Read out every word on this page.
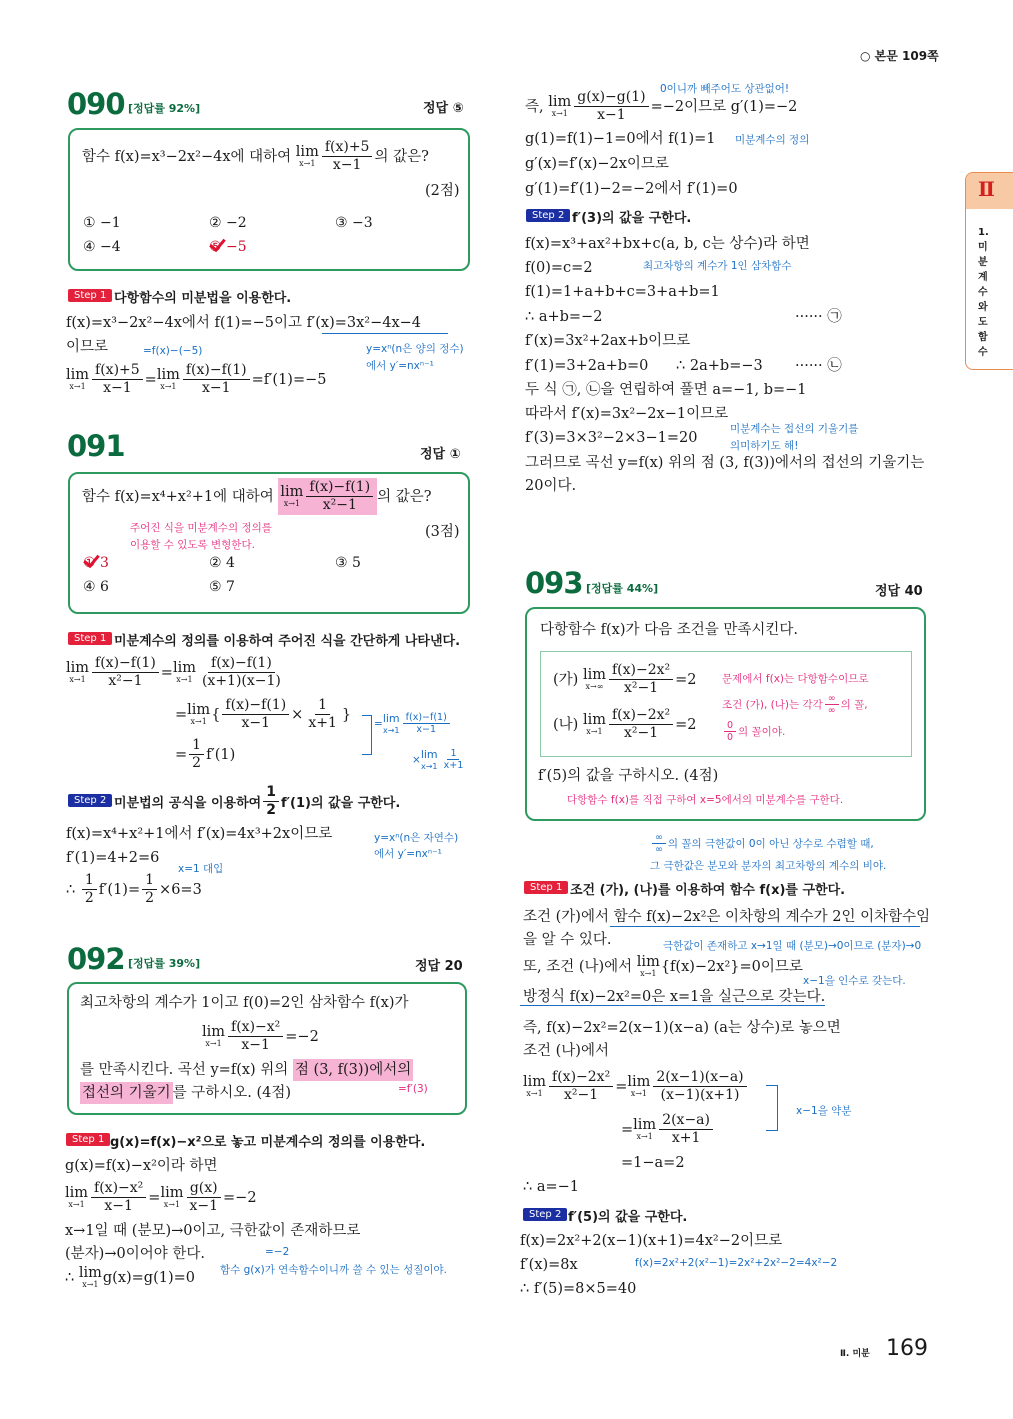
○ 본문 109쪽
Ⅱ
1.미분계수와도함수
Ⅱ. 미분 169
090 [정답률 92%]	정답 ⑤
함수 f(x)=x³−2x²−4x에 대하여 lim
$x\to 1 \frac{f(x)+5}{x-1}$ 의 값은?
(2점)
① −1	② −2	③ −3
④ −4	⑤ −5
Step 1 다항함수의 미분법을 이용한다.
f(x)=x³−2x²−4x에서 f(1)=−5이고 f′(x)=3x²−4x−4
이므로
lim
$x\to 1 \frac{f(x)+5}{x-1} = \lim$
$x\to 1 \frac{f(x)-f(1)}{x-1} =f'(1)=-5$
=f(x)−(−5)	y=xⁿ(n은 양의 정수)
에서 y′=nxⁿ⁻¹
091	정답 ①
함수 f(x)=x⁴+x²+1에 대하여 lim
$x\to 1 \frac{f(x)-f(1)}{\text{x²−1}}$ 의 값은?
(3점)
주어진 식을 미분계수의 정의를
이용할 수 있도록 변형한다.
① 3	② 4	③ 5
④ 6	⑤ 7
Step 1 미분계수의 정의를 이용하여 주어진 식을 간단하게 나타낸다.
lim
$x\to 1 \frac{f(x)-f(1)}{\text{x²−1}} = \lim$
$x\to 1 \frac{f(x)-f(1)}{(x+1)(x-1)}$
= lim
x→1 { $\frac{f(x)-f(1)}{x-1} \times \frac{1}{x+1}$ }
= $\frac{1}{2} f'(1)$
= lim
$x\to 1 \frac{f(x)-f(1)}{x-1}$
× lim
$x\to 1 \frac{1}{x+1}$
Step 2 미분법의 공식을 이용하여 $\frac{1}{2} f'(1)$의 값을 구한다.
f(x)=x⁴+x²+1에서 f′(x)=4x³+2x이므로
f′(1)=4+2=6
∴ $\frac{1}{2} f'(1)= \frac{1}{2} \times 6=3$
y=xⁿ(n은 자연수)
에서 y′=nxⁿ⁻¹
x=1 대입
092 [정답률 39%]	정답 20
최고차항의 계수가 1이고 f(0)=2인 삼차함수 f(x)가
lim
$x\to 1 \frac{\text{f(x)−x²}}{x-1} =-2$
를 만족시킨다. 곡선 y=f(x) 위의 점 (3, f(3))에서의
접선의 기울기 를 구하시오. (4점)	=f′(3)
Step 1 g(x)=f(x)−x²으로 놓고 미분계수의 정의를 이용한다.
g(x)=f(x)−x²이라 하면
lim
$x\to 1 \frac{\text{f(x)−x²}}{x-1} = \lim$
$x\to 1 \frac{g(x)}{x-1} =-2$
x→1일 때 (분모)→0이고, 극한값이 존재하므로
(분자)→0이어야 한다.
∴ lim
x→1 g(x)=g(1)=0
=−2
함수 g(x)가 연속함수이니까 쓸 수 있는 성질이야.
즉, lim
$x\to 1 \frac{g(x)-g(1)}{x-1} =-2$이므로 g′(1)=−2
g(1)=f(1)−1=0에서 f(1)=1
g′(x)=f′(x)−2x이므로
g′(1)=f′(1)−2=−2에서 f′(1)=0
0이니까 빼주어도 상관없어!
미분계수의 정의
Step 2 f′(3)의 값을 구한다.
f(x)=x³+ax²+bx+c(a, b, c는 상수)라 하면
f(0)=c=2
f(1)=1+a+b+c=3+a+b=1
∴ a+b=−2	······ ㉠
f′(x)=3x²+2ax+b이므로
f′(1)=3+2a+b=0      ∴ 2a+b=−3 ······ ㉡
두 식 ㉠, ㉡을 연립하여 풀면 a=−1, b=−1
따라서 f′(x)=3x²−2x−1이므로
f′(3)=3×3²−2×3−1=20
그러므로 곡선 y=f(x) 위의 점 (3, f(3))에서의 접선의 기울기는
20이다.
최고차항의 계수가 1인 삼차함수
미분계수는 접선의 기울기를
의미하기도 해!
093 [정답률 44%]	정답 40
다항함수 f(x)가 다음 조건을 만족시킨다.
(가) lim
$x\to\infty \frac{\text{f(x)−2x²}}{\text{x²−1}} =2$
(나) lim
$x\to 1 \frac{\text{f(x)−2x²}}{\text{x²−1}} =2$
문제에서 f(x)는 다항함수이므로
조건 (가), (나)는 각각 $\frac{\infty}{\infty}$ 의 꼴,
$\frac{0}{0}$ 의 꼴이야.
f′(5)의 값을 구하시오. (4점)
다항함수 f(x)를 직접 구하여 x=5에서의 미분계수를 구한다.
$\frac{\infty}{\infty}$ 의 꼴의 극한값이 0이 아닌 상수로 수렴할 때,
그 극한값은 분모와 분자의 최고차항의 계수의 비야.
Step 1 조건 (가), (나)를 이용하여 함수 f(x)를 구한다.
조건 (가)에서 함수 f(x)−2x²은 이차항의 계수가 2인 이차함수임
을 알 수 있다.
또, 조건 (나)에서 lim
x→1 {f(x)−2x²}=0이므로
방정식 f(x)−2x²=0은 x=1을 실근으로 갖는다.
즉, f(x)−2x²=2(x−1)(x−a) (a는 상수)로 놓으면
조건 (나)에서
lim
$x\to 1 \frac{\text{f(x)−2x²}}{\text{x²−1}} = \lim$
$x\to 1 \frac{2(x-1)(x-a)}{(x-1)(x+1)}$
= lim
$x\to 1 \frac{2(x-a)}{x+1}$
=1−a=2
∴ a=−1
극한값이 존재하고 x→1일 때 (분모)→0이므로 (분자)→0
x−1을 인수로 갖는다.
x−1을 약분
Step 2 f′(5)의 값을 구한다.
f(x)=2x²+2(x−1)(x+1)=4x²−2이므로
f′(x)=8x
∴ f′(5)=8×5=40
f(x)=2x²+2(x²−1)=2x²+2x²−2=4x²−2
